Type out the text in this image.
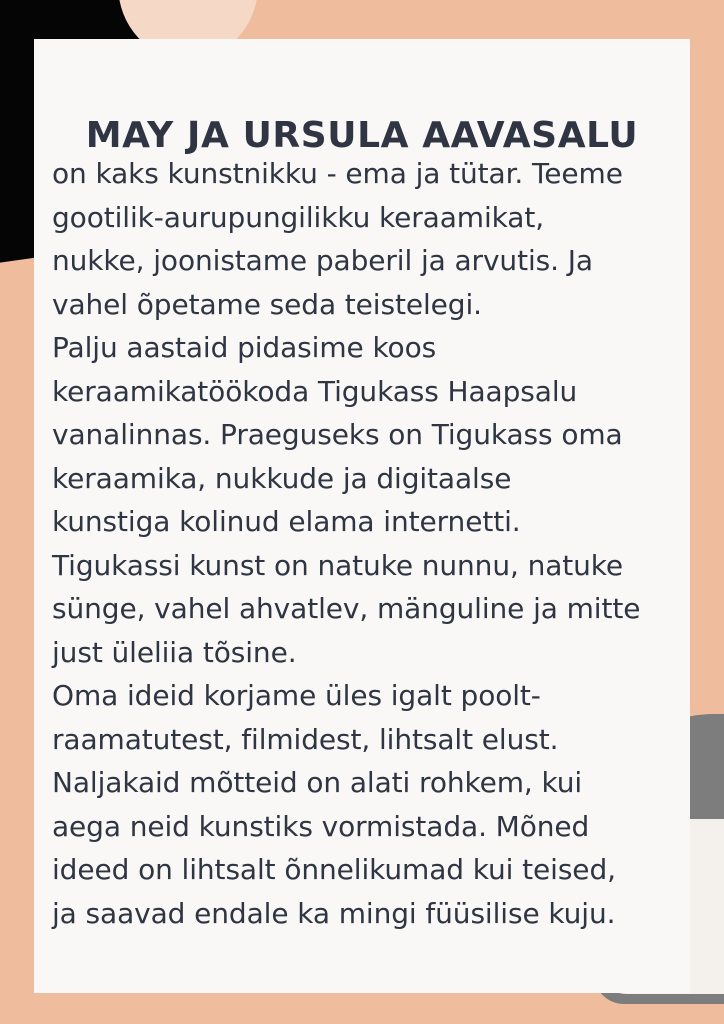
MAY JA URSULA AAVASALU
on kaks kunstnikku - ema ja tütar. Teeme
gootilik-aurupungilikku keraamikat,
nukke, joonistame paberil ja arvutis. Ja
vahel õpetame seda teistelegi.
Palju aastaid pidasime koos
keraamikatöökoda Tigukass Haapsalu
vanalinnas. Praeguseks on Tigukass oma
keraamika, nukkude ja digitaalse
kunstiga kolinud elama internetti.
Tigukassi kunst on natuke nunnu, natuke
sünge, vahel ahvatlev, mänguline ja mitte
just üleliia tõsine.
Oma ideid korjame üles igalt poolt-
raamatutest, filmidest, lihtsalt elust.
Naljakaid mõtteid on alati rohkem, kui
aega neid kunstiks vormistada. Mõned
ideed on lihtsalt õnnelikumad kui teised,
ja saavad endale ka mingi füüsilise kuju.
